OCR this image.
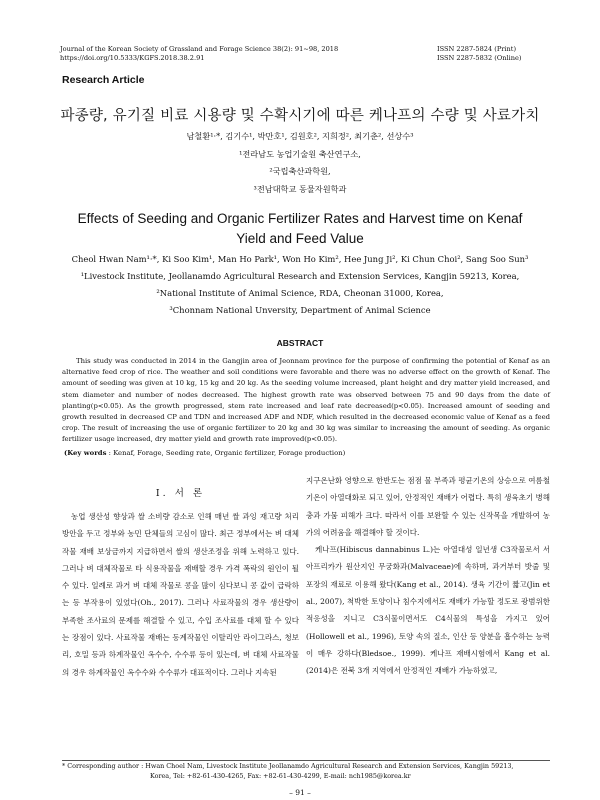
Journal of the Korean Society of Grassland and Forage Science 38(2): 91~98, 2018
https://doi.org/10.5333/KGFS.2018.38.2.91
ISSN 2287-5824 (Print)
ISSN 2287-5832 (Online)
Research Article
파종량, 유기질 비료 시용량 및 수확시기에 따른 케나프의 수량 및 사료가치
남철환¹·*, 김기수¹, 박만호¹, 김원호², 지희정², 최기춘², 선상수³
¹전라남도 농업기술원 축산연구소,
²국립축산과학원,
³전남대학교 동물자원학과
Effects of Seeding and Organic Fertilizer Rates and Harvest time on Kenaf
Yield and Feed Value
Cheol Hwan Nam¹·*, Ki Soo Kim¹, Man Ho Park¹, Won Ho Kim², Hee Jung Ji², Ki Chun Choi², Sang Soo Sun³
¹Livestock Institute, Jeollanamdo Agricultural Research and Extension Services, Kangjin 59213, Korea,
²National Institute of Animal Science, RDA, Cheonan 31000, Korea,
³Chonnam National Unversity, Department of Animal Science
ABSTRACT
This study was conducted in 2014 in the Gangjin area of Jeonnam province for the purpose of confirming the potential of Kenaf as an alternative feed crop of rice. The weather and soil conditions were favorable and there was no adverse effect on the growth of Kenaf. The amount of seeding was given at 10 kg, 15 kg and 20 kg. As the seeding volume increased, plant height and dry matter yield increased, and stem diameter and number of nodes decreased. The highest growth rate was observed between 75 and 90 days from the date of planting(p<0.05). As the growth progressed, stem rate increased and leaf rate decreased(p<0.05). Increased amount of seeding and growth resulted in decreased CP and TDN and increased ADF and NDF, which resulted in the decreased economic value of Kenaf as a feed crop. The result of increasing the use of organic fertilizer to 20 kg and 30 kg was similar to increasing the amount of seeding. As organic fertilizer usage increased, dry matter yield and growth rate improved(p<0.05).
(Key words : Kenaf, Forage, Seeding rate, Organic fertilizer, Forage production)
I. 서 론
농업 생산성 향상과 쌀 소비량 감소로 인해 매년 쌀 과잉 재고량 처리방안을 두고 정부와 농민 단체들의 고심이 많다. 최근 정부에서는 벼 대체작물 재배 보상금까지 지급하면서 쌀의 생산조정을 위해 노력하고 있다. 그러나 벼 대체작물로 타 식용작물을 재배할 경우 가격 폭락의 원인이 될 수 있다. 일례로 과거 벼 대체 작물로 콩을 많이 심다보니 콩 값이 급락하는 등 부작용이 있었다(Oh., 2017). 그러나 사료작물의 경우 생산량이 부족한 조사료의 문제를 해결할 수 있고, 수입 조사료를 대체 할 수 있다는 장점이 있다. 사료작물 재배는 동계작물인 이탈리안 라이그라스, 청보리, 호밀 등과 하계작물인 옥수수, 수수류 등이 있는데, 벼 대체 사료작물의 경우 하계작물인 옥수수와 수수류가 대표적이다. 그러나 지속된

지구온난화 영향으로 한반도는 점점 물 부족과 평균기온의 상승으로 여름철 기온이 아열대화로 되고 있어, 안정적인 재배가 어렵다. 특히 생육초기 병해충과 가뭄 피해가 크다. 따라서 이를 보완할 수 있는 신작목을 개발하여 농가의 어려움을 해결해야 할 것이다.

케나프(Hibiscus dannabinus L.)는 아열대성 일년생 C3작물로서 서아프리카가 원산지인 무궁화과(Malvaceae)에 속하며, 과거부터 밧줄 및 포장의 재료로 이용해 왔다(Kang et al., 2014). 생육 기간이 짧고(Jin et al., 2007), 척박한 토양이나 침수지에서도 재배가 가능할 정도로 광범위한 적응성을 지니고 C3식물이면서도 C4식물의 특성을 가지고 있어(Hollowell et al., 1996), 토양 속의 질소, 인산 등 양분을 흡수하는 능력이 매우 강하다(Bledsoe., 1999). 케나프 재배시험에서 Kang et al.(2014)은 전북 3개 지역에서 안정적인 재배가 가능하였고,

* Corresponding author : Hwan Choel Nam, Livestock Institute Jeollanamdo Agricultural Research and Extension Services, Kangjin 59213,
Korea, Tel: +82-61-430-4265, Fax: +82-61-430-4299, E-mail: nch1985@korea.kr
– 91 –
